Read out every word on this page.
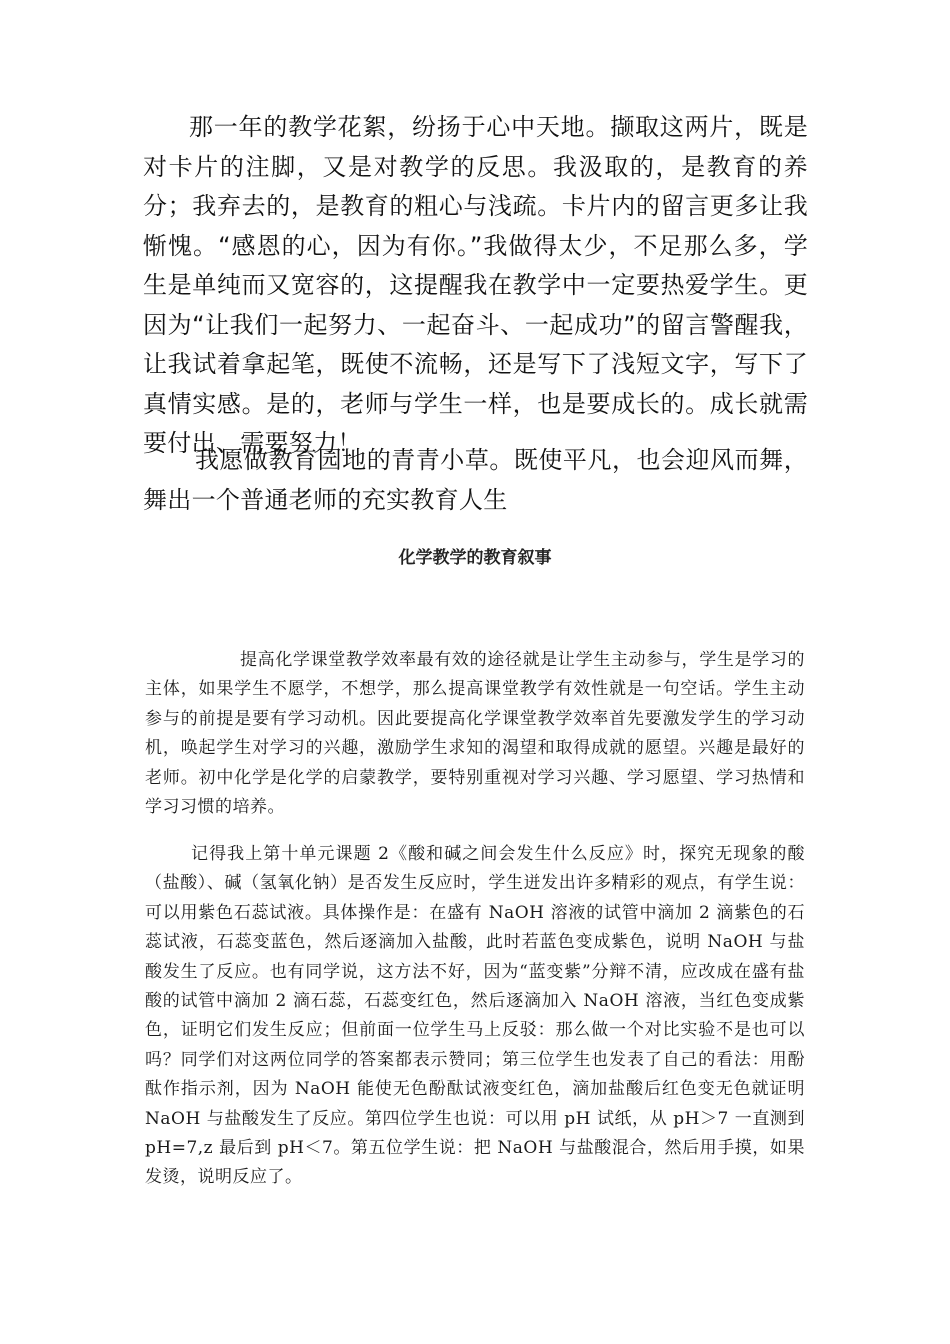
那一年的教学花絮，纷扬于心中天地。撷取这两片，既是对卡片的注脚，又是对教学的反思。我汲取的，是教育的养分；我弃去的，是教育的粗心与浅疏。卡片内的留言更多让我惭愧。“感恩的心，因为有你。”我做得太少，不足那么多，学生是单纯而又宽容的，这提醒我在教学中一定要热爱学生。更因为“让我们一起努力、一起奋斗、一起成功”的留言警醒我，让我试着拿起笔，既使不流畅，还是写下了浅短文字，写下了真情实感。是的，老师与学生一样，也是要成长的。成长就需要付出、需要努力！

我愿做教育园地的青青小草。既使平凡，也会迎风而舞，舞出一个普通老师的充实教育人生

化学教学的教育叙事

提高化学课堂教学效率最有效的途径就是让学生主动参与，学生是学习的主体，如果学生不愿学，不想学，那么提高课堂教学有效性就是一句空话。学生主动参与的前提是要有学习动机。因此要提高化学课堂教学效率首先要激发学生的学习动机，唤起学生对学习的兴趣，激励学生求知的渴望和取得成就的愿望。兴趣是最好的老师。初中化学是化学的启蒙教学，要特别重视对学习兴趣、学习愿望、学习热情和学习习惯的培养。

记得我上第十单元课题 2《酸和碱之间会发生什么反应》时，探究无现象的酸（盐酸）、碱（氢氧化钠）是否发生反应时，学生迸发出许多精彩的观点，有学生说：可以用紫色石蕊试液。具体操作是：在盛有 NaOH 溶液的试管中滴加 2 滴紫色的石蕊试液，石蕊变蓝色，然后逐滴加入盐酸，此时若蓝色变成紫色，说明 NaOH 与盐酸发生了反应。也有同学说，这方法不好，因为“蓝变紫”分辩不清，应改成在盛有盐酸的试管中滴加 2 滴石蕊，石蕊变红色，然后逐滴加入 NaOH 溶液，当红色变成紫色，证明它们发生反应；但前面一位学生马上反驳：那么做一个对比实验不是也可以吗？同学们对这两位同学的答案都表示赞同；第三位学生也发表了自己的看法：用酚酞作指示剂，因为 NaOH 能使无色酚酞试液变红色，滴加盐酸后红色变无色就证明 NaOH 与盐酸发生了反应。第四位学生也说：可以用 pH 试纸，从 pH＞7 一直测到 pH=7,z 最后到 pH＜7。第五位学生说：把 NaOH 与盐酸混合，然后用手摸，如果发烫，说明反应了。
